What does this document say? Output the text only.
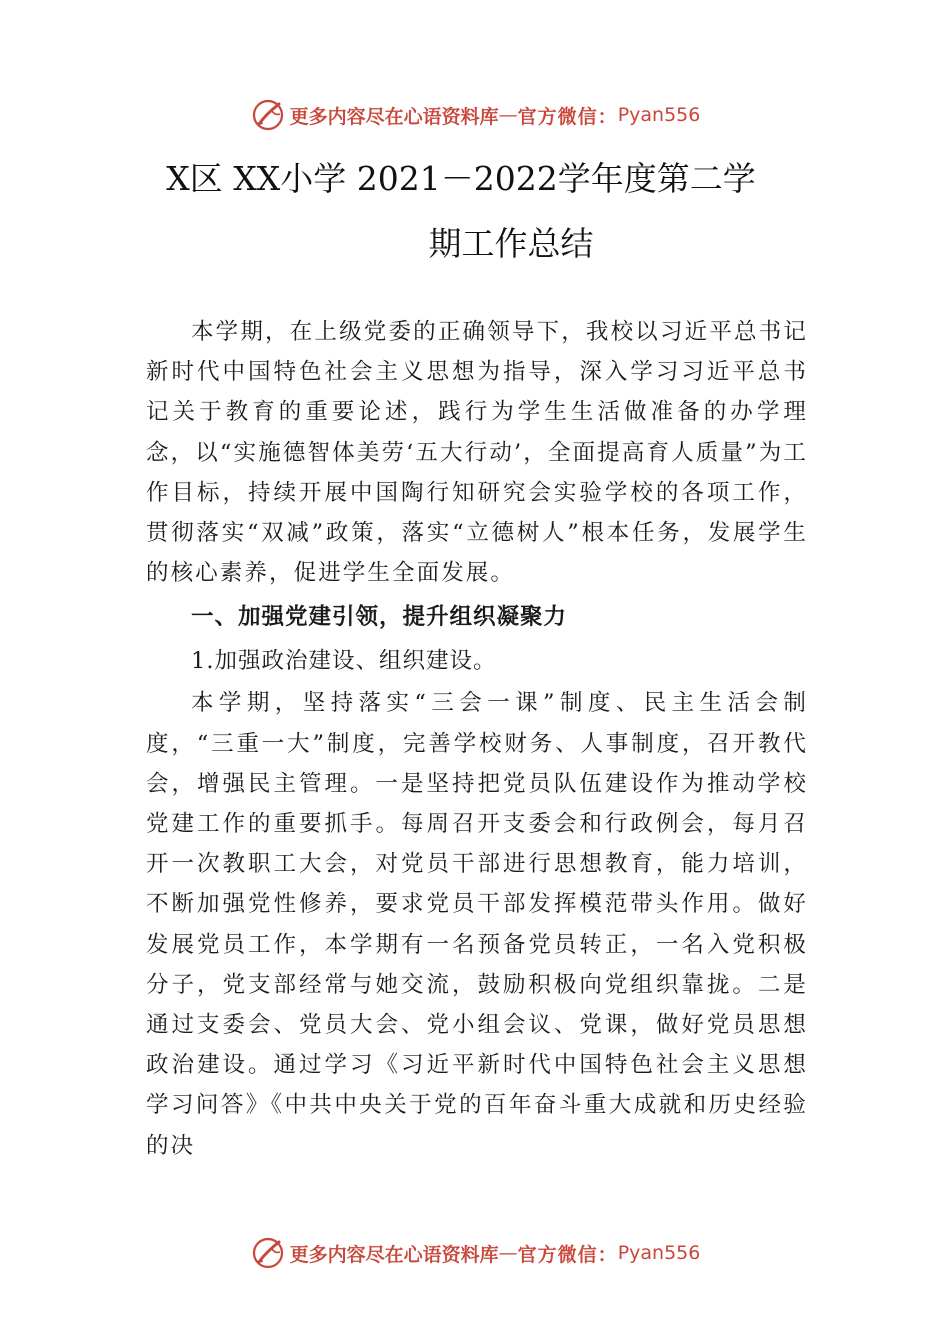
更多内容尽在心语资料库 — 官方微信： Pyan556
X区 XX小学 2021－2022学年度第二学
期工作总结

本学期，在上级党委的正确领导下，我校以习近平总书记新时代中国特色社会主义思想为指导，深入学习习近平总书记关于教育的重要论述，践行为学生生活做准备的办学理念，以“实施德智体美劳‘五大行动’，全面提高育人质量”为工作目标，持续开展中国陶行知研究会实验学校的各项工作，贯彻落实“双减”政策，落实“立德树人”根本任务，发展学生的核心素养，促进学生全面发展。

一、加强党建引领，提升组织凝聚力

1.加强政治建设、组织建设。

本学期，坚持落实“三会一课”制度、民主生活会制度，“三重一大”制度，完善学校财务、人事制度，召开教代会，增强民主管理。一是坚持把党员队伍建设作为推动学校党建工作的重要抓手。每周召开支委会和行政例会，每月召开一次教职工大会，对党员干部进行思想教育，能力培训，不断加强党性修养，要求党员干部发挥模范带头作用。做好发展党员工作，本学期有一名预备党员转正，一名入党积极分子，党支部经常与她交流，鼓励积极向党组织靠拢。二是通过支委会、党员大会、党小组会议、党课，做好党员思想政治建设。通过学习《习近平新时代中国特色社会主义思想学习问答》《中共中央关于党的百年奋斗重大成就和历史经验的决

更多内容尽在心语资料库 — 官方微信： Pyan556
